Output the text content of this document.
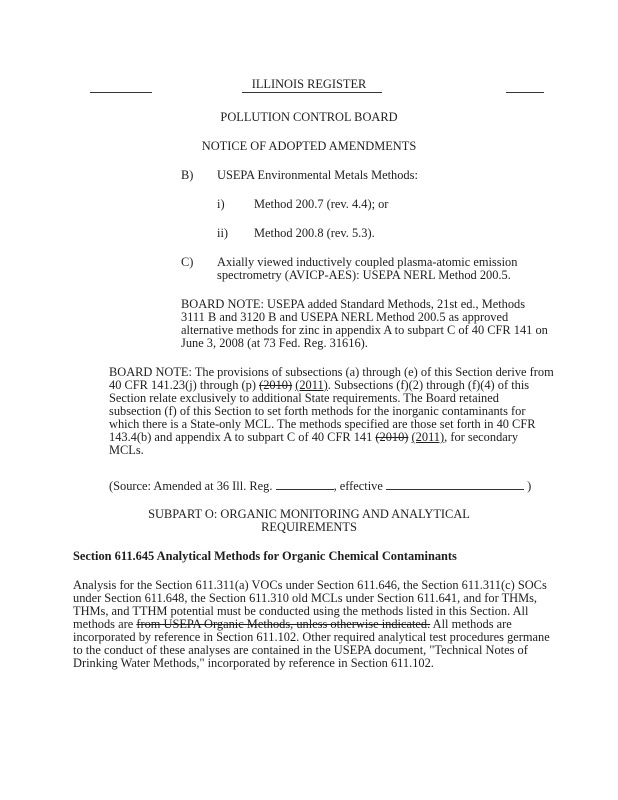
ILLINOIS REGISTER
POLLUTION CONTROL BOARD
NOTICE OF ADOPTED AMENDMENTS
B) USEPA Environmental Metals Methods:
i) Method 200.7 (rev. 4.4); or
ii) Method 200.8 (rev. 5.3).
C) Axially viewed inductively coupled plasma-atomic emission
spectrometry (AVICP-AES): USEPA NERL Method 200.5.
BOARD NOTE: USEPA added Standard Methods, 21st ed., Methods
3111 B and 3120 B and USEPA NERL Method 200.5 as approved
alternative methods for zinc in appendix A to subpart C of 40 CFR 141 on
June 3, 2008 (at 73 Fed. Reg. 31616).
BOARD NOTE: The provisions of subsections (a) through (e) of this Section derive from
40 CFR 141.23(j) through (p) (2010) (2011). Subsections (f)(2) through (f)(4) of this
Section relate exclusively to additional State requirements. The Board retained
subsection (f) of this Section to set forth methods for the inorganic contaminants for
which there is a State-only MCL. The methods specified are those set forth in 40 CFR
143.4(b) and appendix A to subpart C of 40 CFR 141 (2010) (2011), for secondary
MCLs.
(Source: Amended at 36 Ill. Reg.	, effective	)
SUBPART O: ORGANIC MONITORING AND ANALYTICAL
REQUIREMENTS
Section 611.645 Analytical Methods for Organic Chemical Contaminants
Analysis for the Section 611.311(a) VOCs under Section 611.646, the Section 611.311(c) SOCs
under Section 611.648, the Section 611.310 old MCLs under Section 611.641, and for THMs,
THMs, and TTHM potential must be conducted using the methods listed in this Section. All
methods are from USEPA Organic Methods, unless otherwise indicated. All methods are
incorporated by reference in Section 611.102. Other required analytical test procedures germane
to the conduct of these analyses are contained in the USEPA document, "Technical Notes of
Drinking Water Methods," incorporated by reference in Section 611.102.
